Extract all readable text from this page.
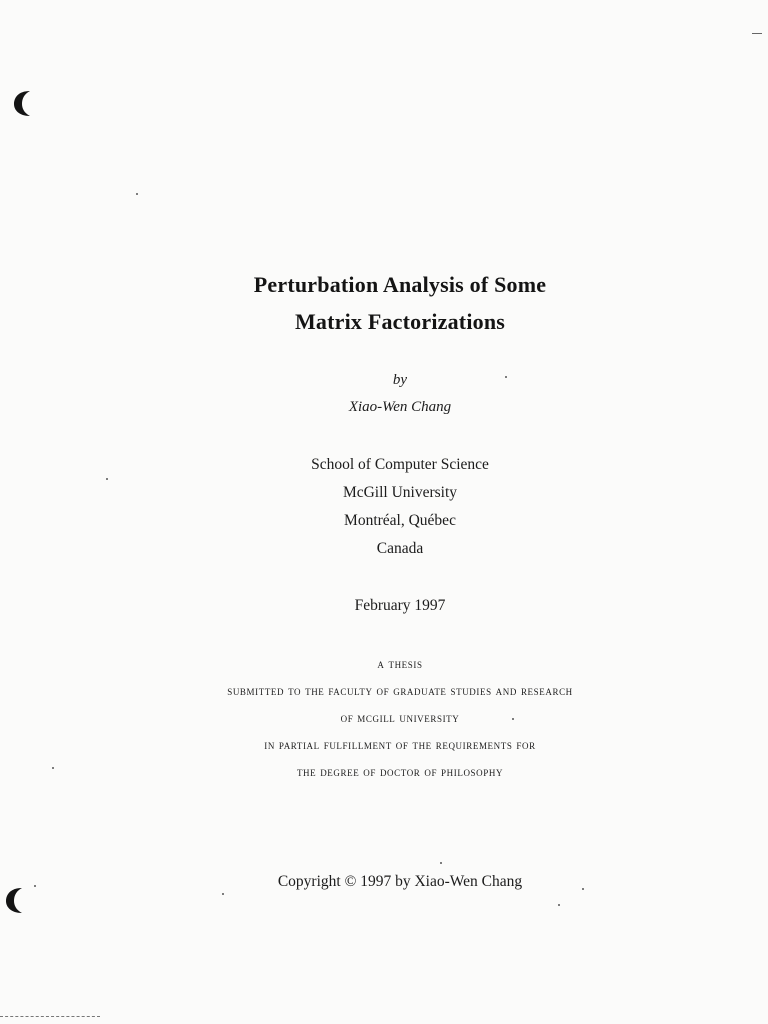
Perturbation Analysis of Some
Matrix Factorizations
by
Xiao-Wen Chang
School of Computer Science
McGill University
Montréal, Québec
Canada
February 1997
a thesis
submitted to the faculty of graduate studies and research
of mcgill university
in partial fulfillment of the requirements for
the degree of doctor of philosophy
Copyright © 1997 by Xiao-Wen Chang
